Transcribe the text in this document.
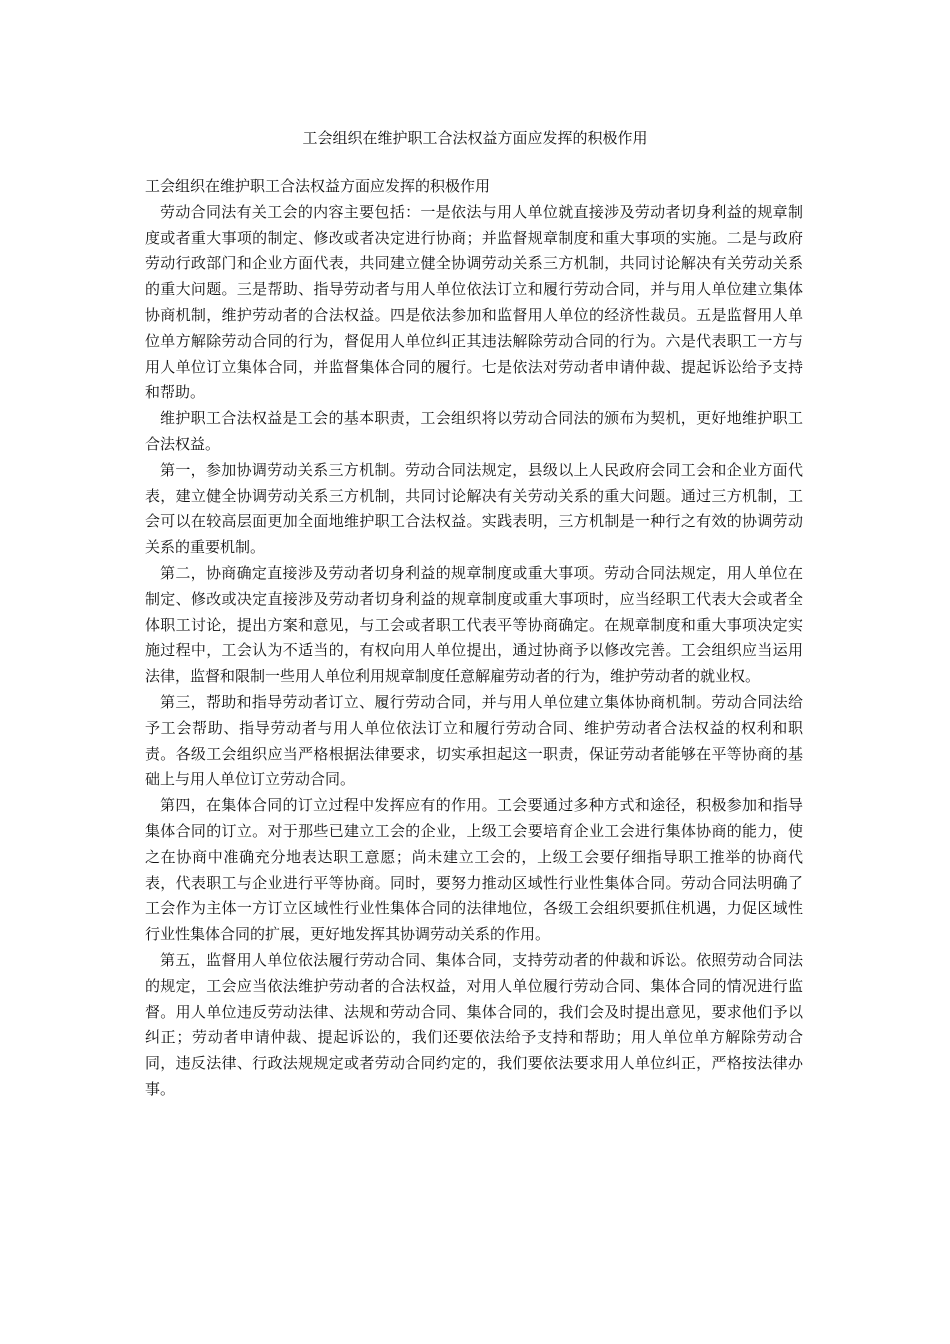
工会组织在维护职工合法权益方面应发挥的积极作用

工会组织在维护职工合法权益方面应发挥的积极作用

劳动合同法有关工会的内容主要包括：一是依法与用人单位就直接涉及劳动者切身利益的规章制度或者重大事项的制定、修改或者决定进行协商；并监督规章制度和重大事项的实施。二是与政府劳动行政部门和企业方面代表，共同建立健全协调劳动关系三方机制，共同讨论解决有关劳动关系的重大问题。三是帮助、指导劳动者与用人单位依法订立和履行劳动合同，并与用人单位建立集体协商机制，维护劳动者的合法权益。四是依法参加和监督用人单位的经济性裁员。五是监督用人单位单方解除劳动合同的行为，督促用人单位纠正其违法解除劳动合同的行为。六是代表职工一方与用人单位订立集体合同，并监督集体合同的履行。七是依法对劳动者申请仲裁、提起诉讼给予支持和帮助。

维护职工合法权益是工会的基本职责，工会组织将以劳动合同法的颁布为契机，更好地维护职工合法权益。

第一，参加协调劳动关系三方机制。劳动合同法规定，县级以上人民政府会同工会和企业方面代表，建立健全协调劳动关系三方机制，共同讨论解决有关劳动关系的重大问题。通过三方机制，工会可以在较高层面更加全面地维护职工合法权益。实践表明，三方机制是一种行之有效的协调劳动关系的重要机制。

第二，协商确定直接涉及劳动者切身利益的规章制度或重大事项。劳动合同法规定，用人单位在制定、修改或决定直接涉及劳动者切身利益的规章制度或重大事项时，应当经职工代表大会或者全体职工讨论，提出方案和意见，与工会或者职工代表平等协商确定。在规章制度和重大事项决定实施过程中，工会认为不适当的，有权向用人单位提出，通过协商予以修改完善。工会组织应当运用法律，监督和限制一些用人单位利用规章制度任意解雇劳动者的行为，维护劳动者的就业权。

第三，帮助和指导劳动者订立、履行劳动合同，并与用人单位建立集体协商机制。劳动合同法给予工会帮助、指导劳动者与用人单位依法订立和履行劳动合同、维护劳动者合法权益的权利和职责。各级工会组织应当严格根据法律要求，切实承担起这一职责，保证劳动者能够在平等协商的基础上与用人单位订立劳动合同。

第四，在集体合同的订立过程中发挥应有的作用。工会要通过多种方式和途径，积极参加和指导集体合同的订立。对于那些已建立工会的企业，上级工会要培育企业工会进行集体协商的能力，使之在协商中准确充分地表达职工意愿；尚未建立工会的，上级工会要仔细指导职工推举的协商代表，代表职工与企业进行平等协商。同时，要努力推动区域性行业性集体合同。劳动合同法明确了工会作为主体一方订立区域性行业性集体合同的法律地位，各级工会组织要抓住机遇，力促区域性行业性集体合同的扩展，更好地发挥其协调劳动关系的作用。

第五，监督用人单位依法履行劳动合同、集体合同，支持劳动者的仲裁和诉讼。依照劳动合同法的规定，工会应当依法维护劳动者的合法权益，对用人单位履行劳动合同、集体合同的情况进行监督。用人单位违反劳动法律、法规和劳动合同、集体合同的，我们会及时提出意见，要求他们予以纠正；劳动者申请仲裁、提起诉讼的，我们还要依法给予支持和帮助；用人单位单方解除劳动合同，违反法律、行政法规规定或者劳动合同约定的，我们要依法要求用人单位纠正，严格按法律办事。
